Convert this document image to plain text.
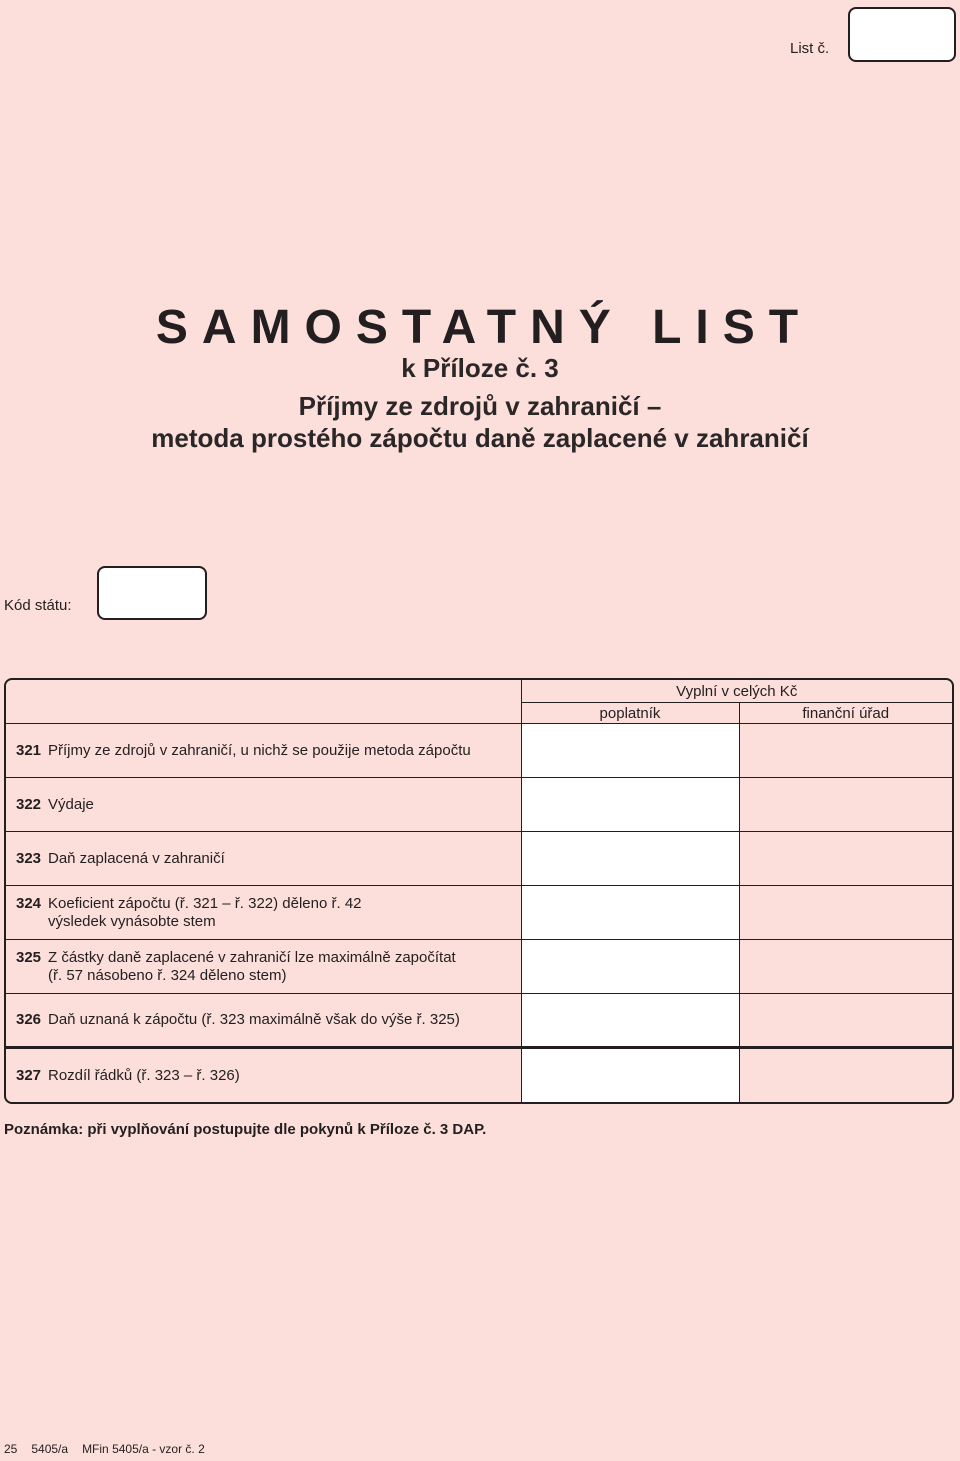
List č.
SAMOSTATNÝ LIST
k Příloze č. 3
Příjmy ze zdrojů v zahraničí –
metoda prostého zápočtu daně zaplacené v zahraničí
Kód státu:
	Vyplní v celých Kč	
	poplatník	finanční úřad
321 Příjmy ze zdrojů v zahraničí, u nichž se použije metoda zápočtu		
322 Výdaje		
323 Daň zaplacená v zahraničí		
324 Koeficient zápočtu (ř. 321 – ř. 322) děleno ř. 42
výsledek vynásobte stem		
325 Z částky daně zaplacené v zahraničí lze maximálně započítat
(ř. 57 násobeno ř. 324 děleno stem)		
326 Daň uznaná k zápočtu (ř. 323 maximálně však do výše ř. 325)		
327 Rozdíl řádků (ř. 323 – ř. 326)		
Poznámka: při vyplňování postupujte dle pokynů k Příloze č. 3 DAP.
25 5405/a MFin 5405/a - vzor č. 2
